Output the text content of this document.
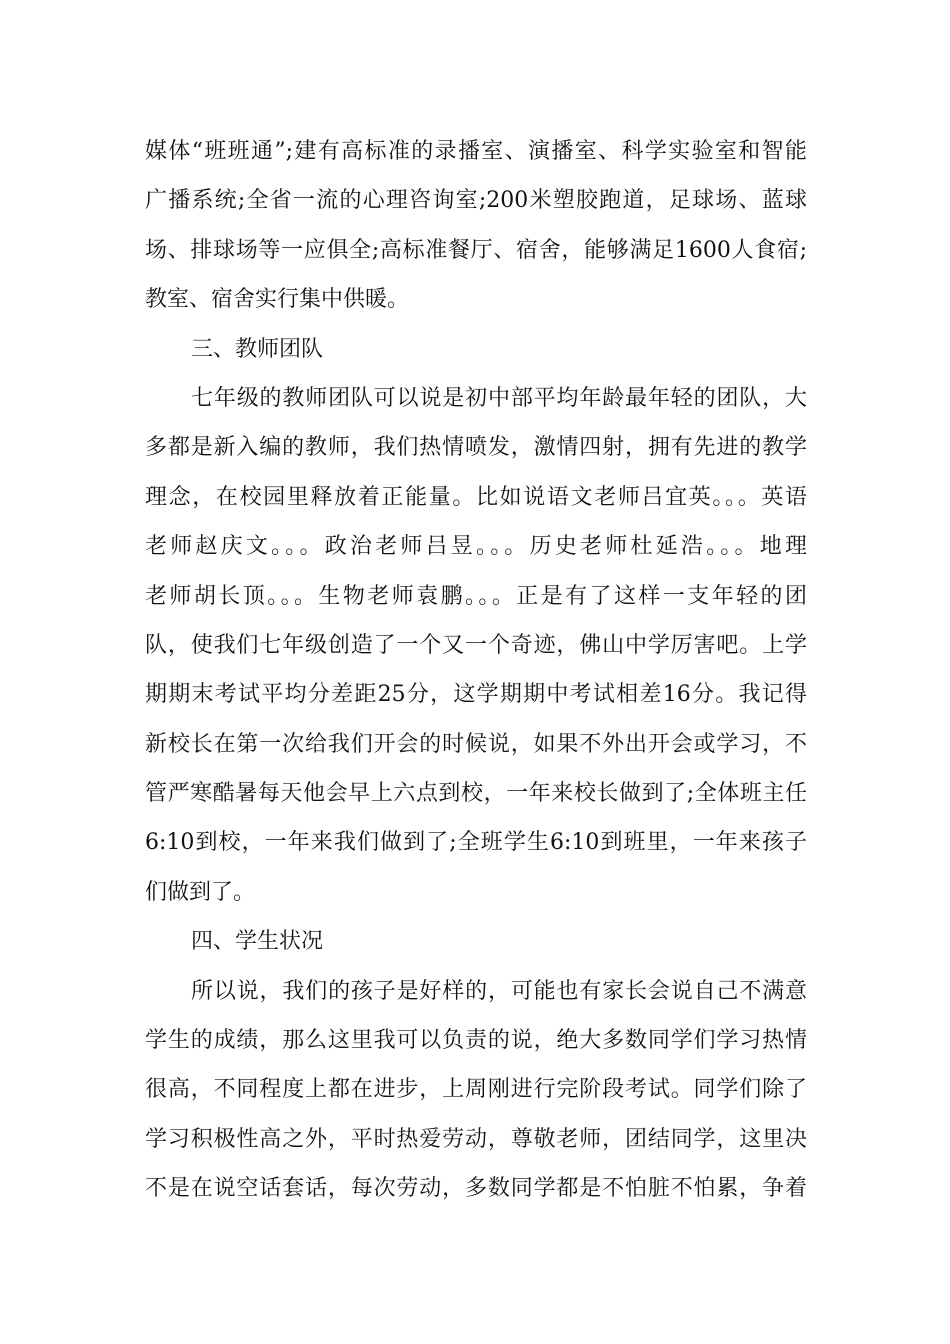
媒体“班班通”;建有高标准的录播室、演播室、科学实验室和智能
广播系统;全省一流的心理咨询室;200米塑胶跑道，足球场、蓝球
场、排球场等一应俱全;高标准餐厅、宿舍，能够满足1600人食宿;
教室、宿舍实行集中供暖。
三、教师团队
七年级的教师团队可以说是初中部平均年龄最年轻的团队，大
多都是新入编的教师，我们热情喷发，激情四射，拥有先进的教学
理念，在校园里释放着正能量。比如说语文老师吕宜英。。。英语
老师赵庆文。。。政治老师吕昱。。。历史老师杜延浩。。。地理
老师胡长顶。。。生物老师袁鹏。。。正是有了这样一支年轻的团
队，使我们七年级创造了一个又一个奇迹，佛山中学厉害吧。上学
期期末考试平均分差距25分，这学期期中考试相差16分。我记得
新校长在第一次给我们开会的时候说，如果不外出开会或学习，不
管严寒酷暑每天他会早上六点到校，一年来校长做到了;全体班主任
6:10到校，一年来我们做到了;全班学生6:10到班里，一年来孩子
们做到了。
四、学生状况
所以说，我们的孩子是好样的，可能也有家长会说自己不满意
学生的成绩，那么这里我可以负责的说，绝大多数同学们学习热情
很高，不同程度上都在进步，上周刚进行完阶段考试。同学们除了
学习积极性高之外，平时热爱劳动，尊敬老师，团结同学，这里决
不是在说空话套话，每次劳动，多数同学都是不怕脏不怕累，争着
